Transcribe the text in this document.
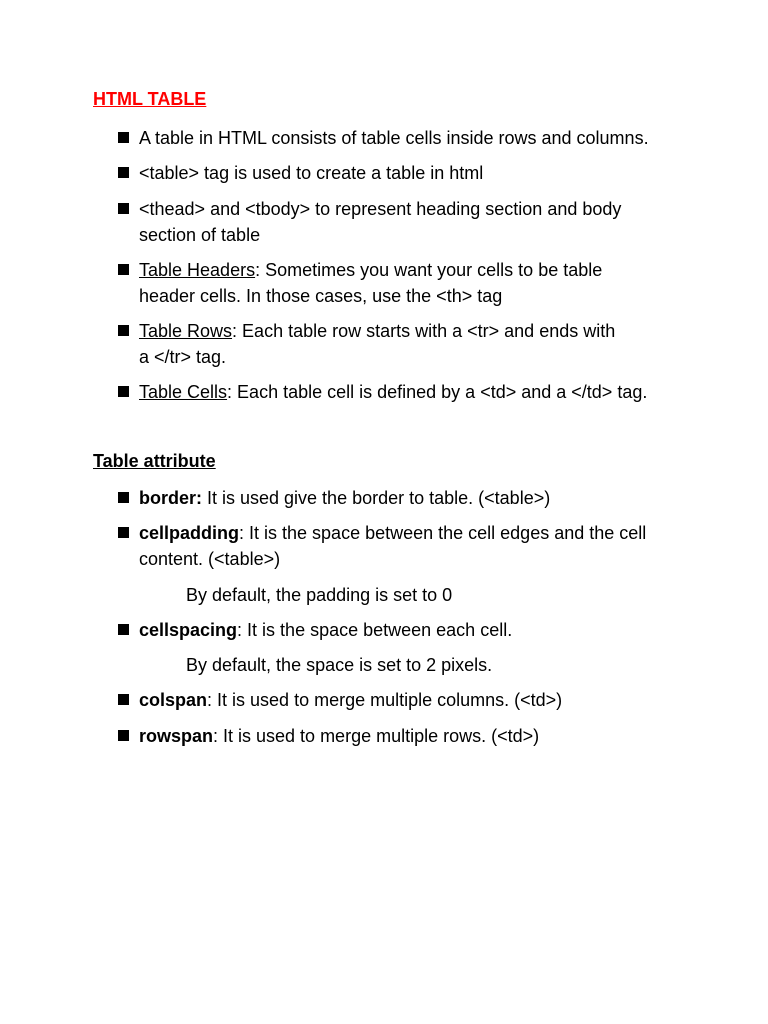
HTML TABLE
A table in HTML consists of table cells inside rows and columns.
<table> tag is used to create a table in html
<thead> and <tbody> to represent heading section and body
section of table
Table Headers: Sometimes you want your cells to be table
header cells. In those cases, use the <th> tag
Table Rows: Each table row starts with a <tr> and ends with
a </tr> tag.
Table Cells: Each table cell is defined by a <td> and a </td> tag.
Table attribute
border: It is used give the border to table. (<table>)
cellpadding: It is the space between the cell edges and the cell
content. (<table>)
By default, the padding is set to 0
cellspacing: It is the space between each cell.
By default, the space is set to 2 pixels.
colspan: It is used to merge multiple columns. (<td>)
rowspan: It is used to merge multiple rows. (<td>)
